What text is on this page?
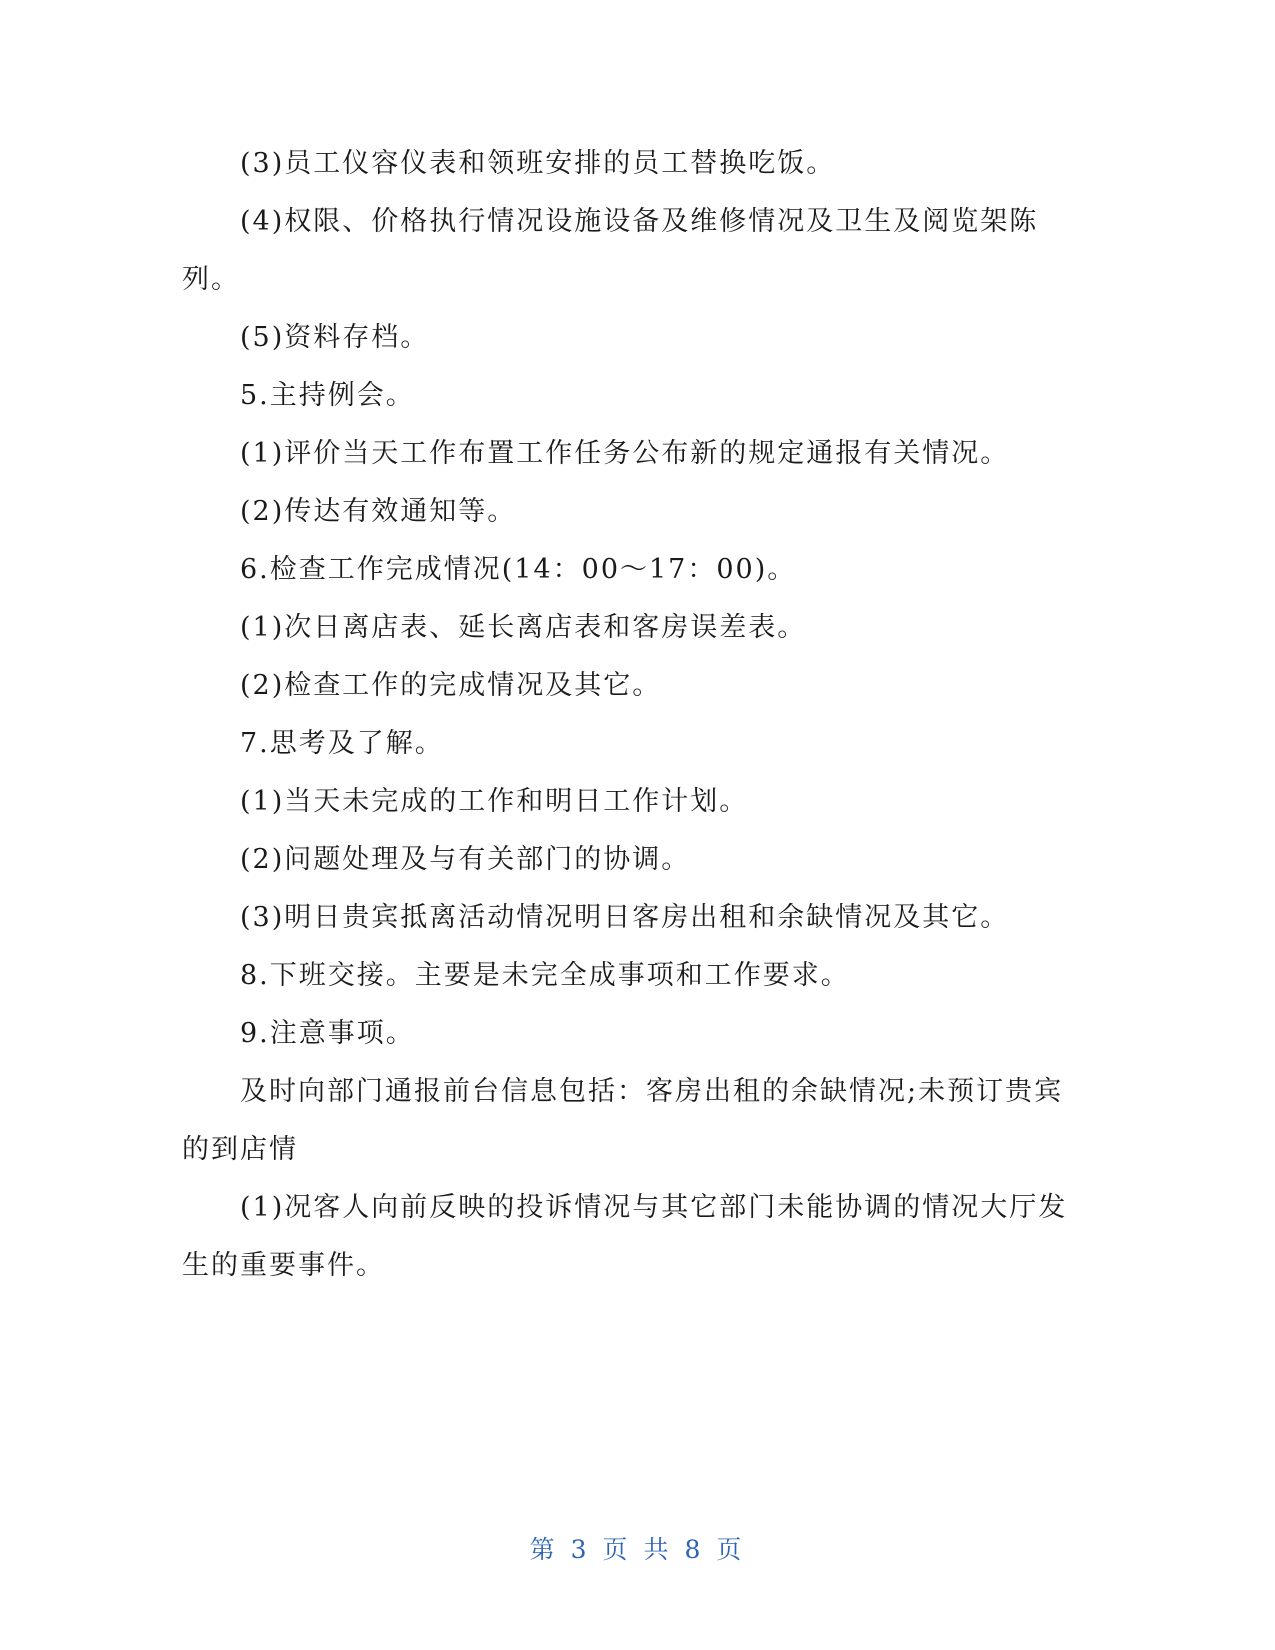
(3)员工仪容仪表和领班安排的员工替换吃饭。

(4)权限、价格执行情况设施设备及维修情况及卫生及阅览架陈列。

(5)资料存档。

5.主持例会。

(1)评价当天工作布置工作任务公布新的规定通报有关情况。

(2)传达有效通知等。

6.检查工作完成情况(14：00～17：00)。

(1)次日离店表、延长离店表和客房误差表。

(2)检查工作的完成情况及其它。

7.思考及了解。

(1)当天未完成的工作和明日工作计划。

(2)问题处理及与有关部门的协调。

(3)明日贵宾抵离活动情况明日客房出租和余缺情况及其它。

8.下班交接。主要是未完全成事项和工作要求。

9.注意事项。

及时向部门通报前台信息包括：客房出租的余缺情况;未预订贵宾的到店情

(1)况客人向前反映的投诉情况与其它部门未能协调的情况大厅发生的重要事件。

第 3 页 共 8 页
